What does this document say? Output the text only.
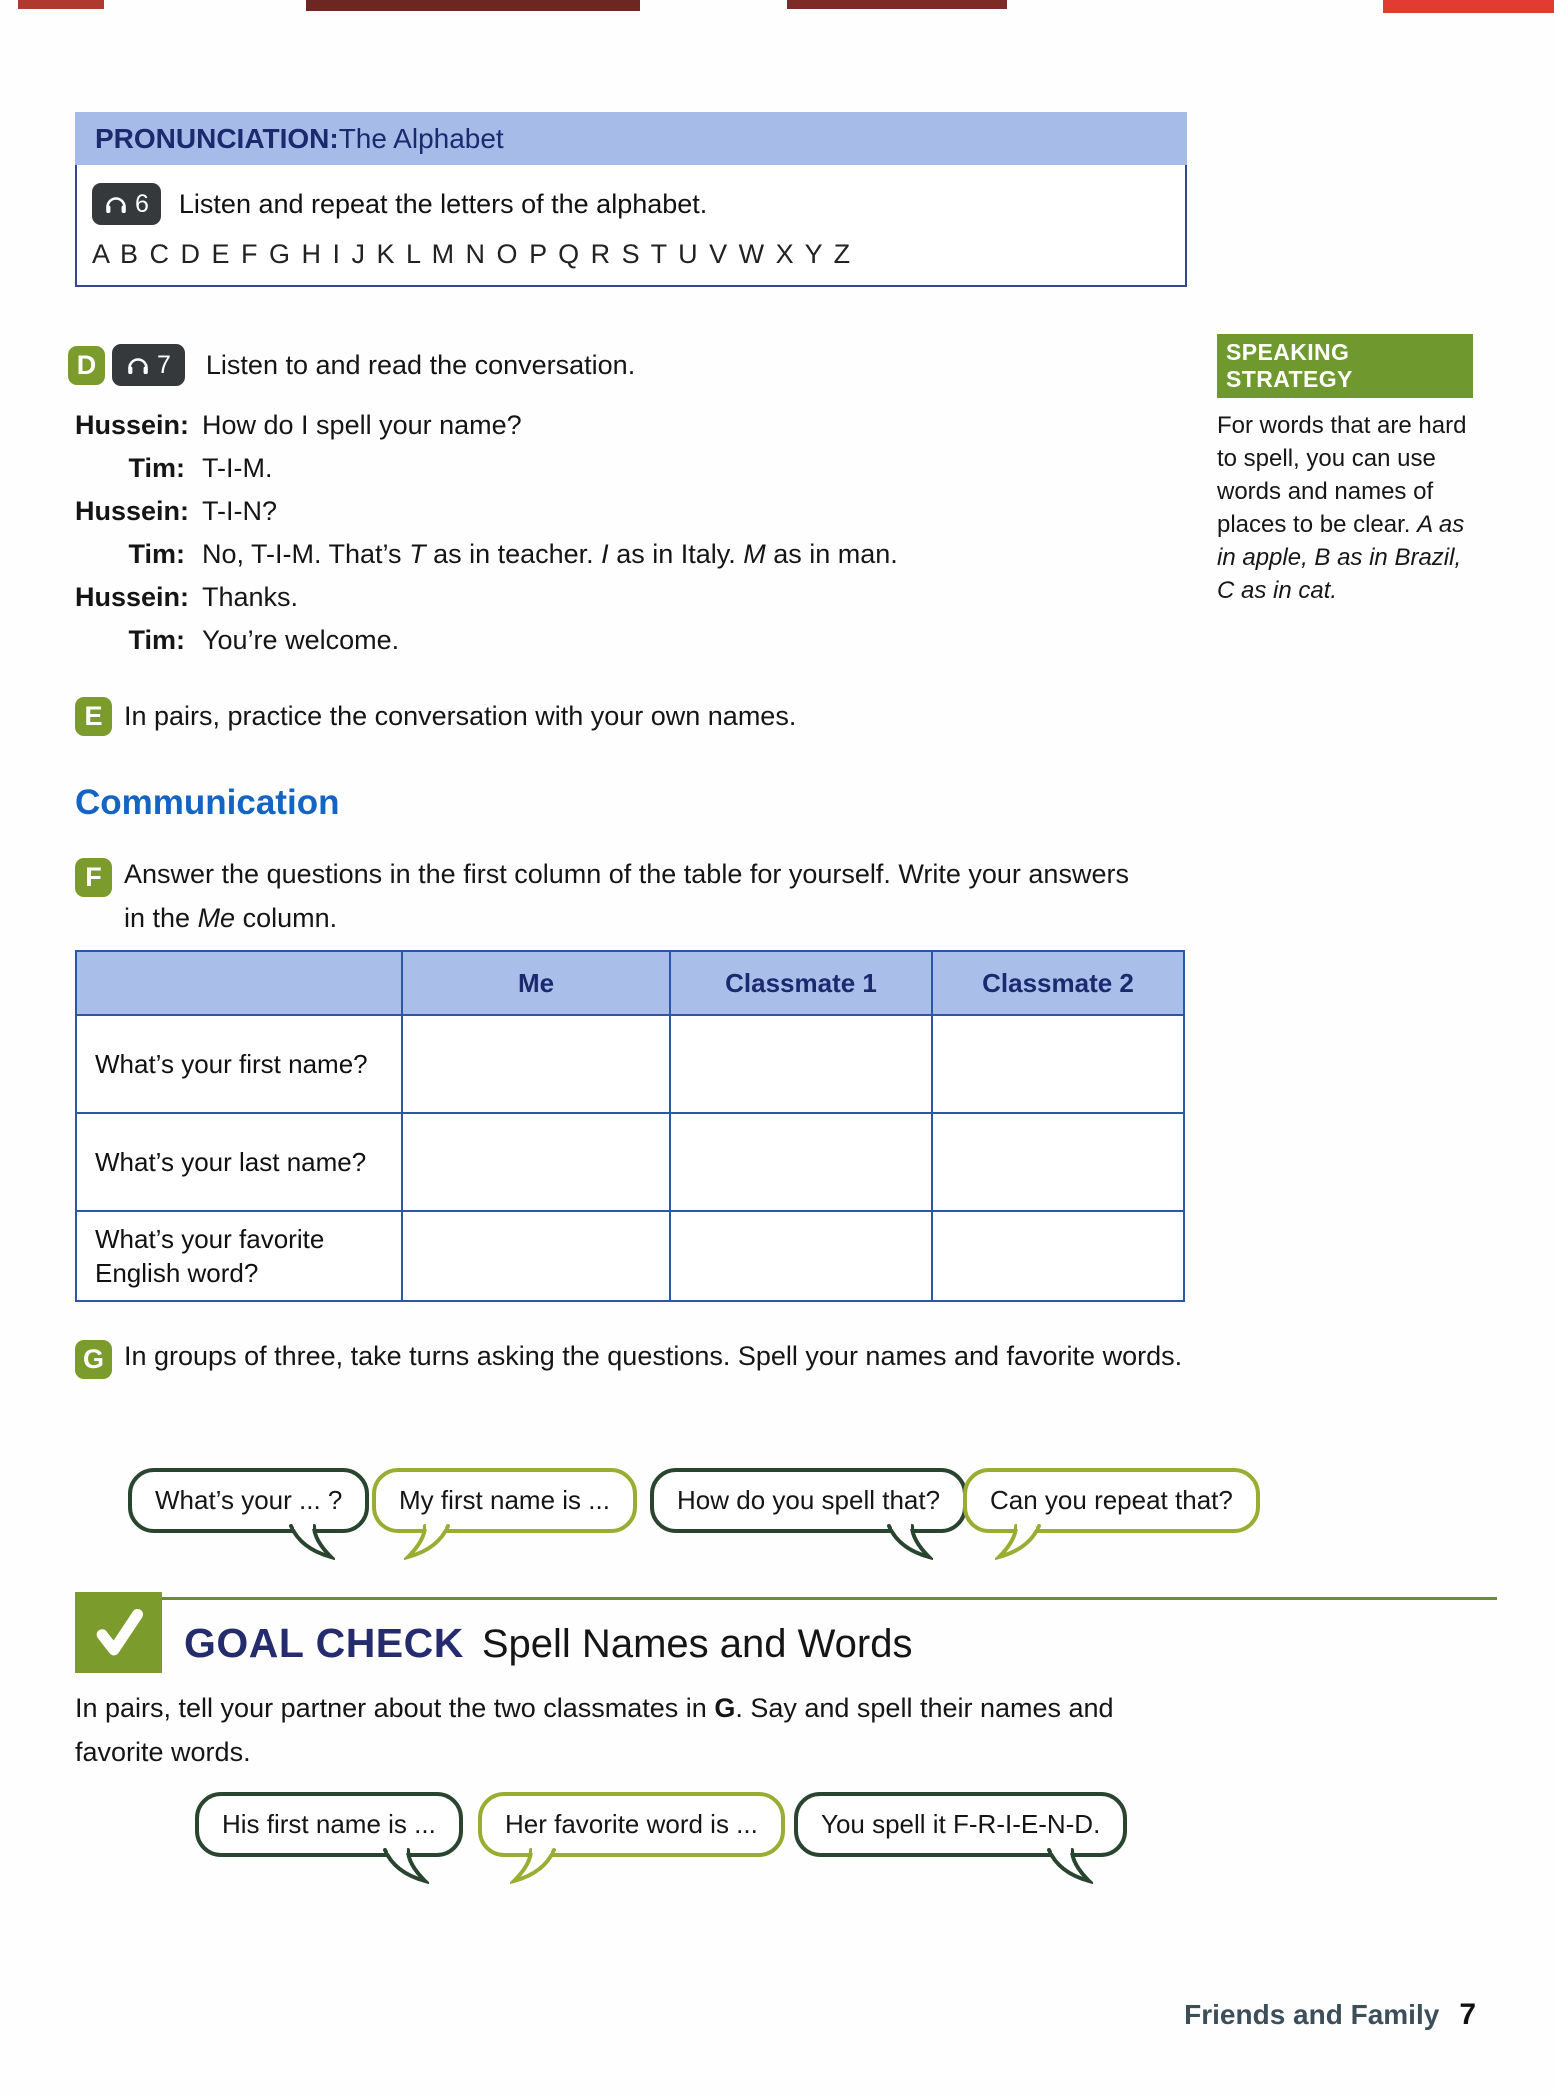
PRONUNCIATION: The Alphabet
6 Listen and repeat the letters of the alphabet.
A B C D E F G H I J K L M N O P Q R S T U V W X Y Z
D	7 Listen to and read the conversation.
Hussein: How do I spell your name?
Tim: T-I-M.
Hussein: T-I-N?
Tim: No, T-I-M. That’s T as in teacher. I as in Italy. M as in man.
Hussein: Thanks.
Tim: You’re welcome.
SPEAKING STRATEGY
For words that are hard to spell, you can use words and names of places to be clear. A as in apple, B as in Brazil, C as in cat.
E In pairs, practice the conversation with your own names.
Communication
F Answer the questions in the first column of the table for yourself. Write your answers in the Me column.
	Me	Classmate 1	Classmate 2
What’s your first name?			
What’s your last name?			
What’s your favorite English word?			
G In groups of three, take turns asking the questions. Spell your names and favorite words.
What’s your ... ?	My first name is ...	How do you spell that?	Can you repeat that?
GOAL CHECK Spell Names and Words
In pairs, tell your partner about the two classmates in G. Say and spell their names and favorite words.
His first name is ...	Her favorite word is ...	You spell it F-R-I-E-N-D.
Friends and Family 7
